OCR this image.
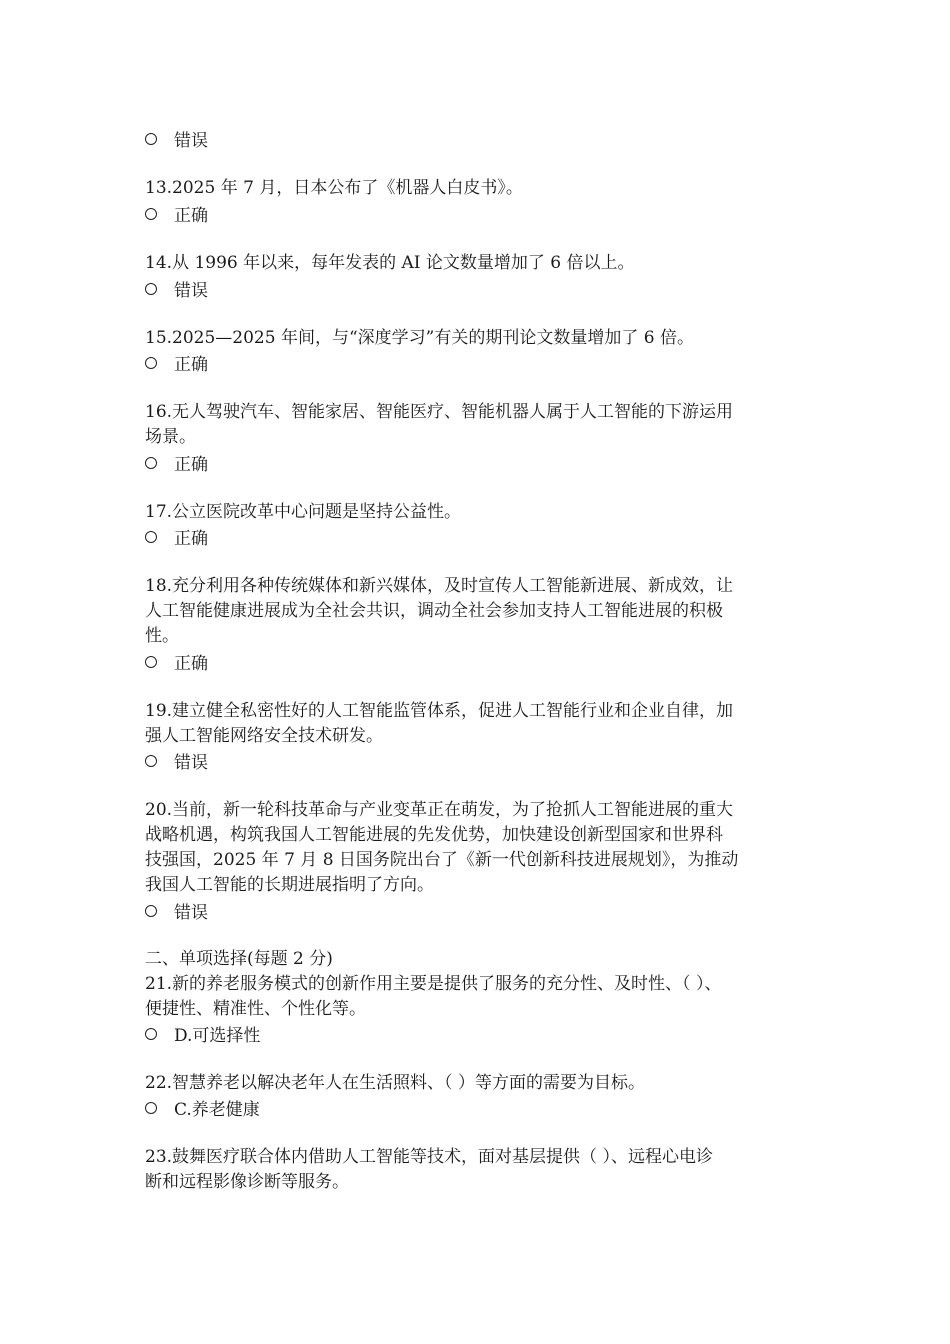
错误
13.2025 年 7 月，日本公布了《机器人白皮书》。
正确
14.从 1996 年以来，每年发表的 AI 论文数量增加了 6 倍以上。
错误
15.2025—2025 年间，与“深度学习”有关的期刊论文数量增加了 6 倍。
正确
16.无人驾驶汽车、智能家居、智能医疗、智能机器人属于人工智能的下游运用
场景。
正确
17.公立医院改革中心问题是坚持公益性。
正确
18.充分利用各种传统媒体和新兴媒体，及时宣传人工智能新进展、新成效，让
人工智能健康进展成为全社会共识，调动全社会参加支持人工智能进展的积极
性。
正确
19.建立健全私密性好的人工智能监管体系，促进人工智能行业和企业自律，加
强人工智能网络安全技术研发。
错误
20.当前，新一轮科技革命与产业变革正在萌发，为了抢抓人工智能进展的重大
战略机遇，构筑我国人工智能进展的先发优势，加快建设创新型国家和世界科
技强国，2025 年 7 月 8 日国务院出台了《新一代创新科技进展规划》，为推动
我国人工智能的长期进展指明了方向。
错误
二、单项选择(每题 2 分)
21.新的养老服务模式的创新作用主要是提供了服务的充分性、及时性、（ ）、
便捷性、精准性、个性化等。
D.可选择性
22.智慧养老以解决老年人在生活照料、（ ）等方面的需要为目标。
C.养老健康
23.鼓舞医疗联合体内借助人工智能等技术，面对基层提供（ ）、远程心电诊
断和远程影像诊断等服务。
